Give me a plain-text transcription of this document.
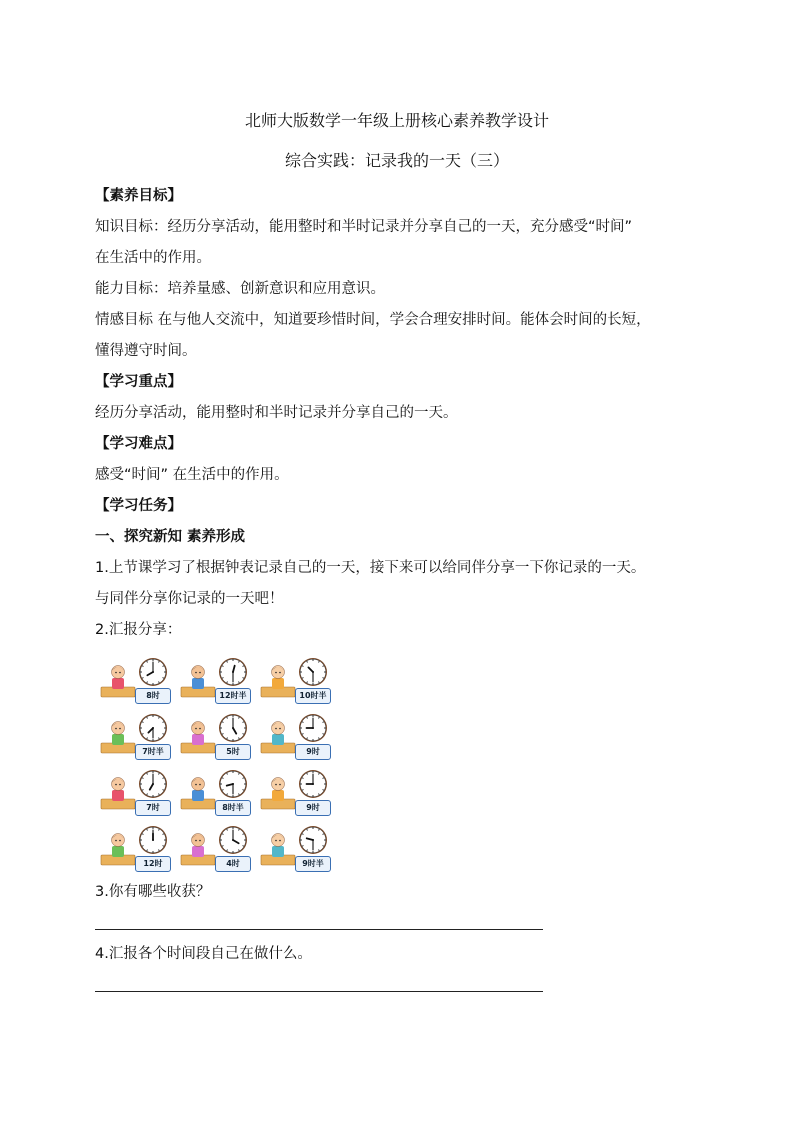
北师大版数学一年级上册核心素养教学设计
综合实践：记录我的一天（三）
【素养目标】
知识目标：经历分享活动，能用整时和半时记录并分享自己的一天，充分感受“时间”
在生活中的作用。
能力目标：培养量感、创新意识和应用意识。
情感目标 在与他人交流中，知道要珍惜时间，学会合理安排时间。能体会时间的长短，
懂得遵守时间。
【学习重点】
经历分享活动，能用整时和半时记录并分享自己的一天。
【学习难点】
感受“时间” 在生活中的作用。
【学习任务】
一、探究新知 素养形成
1.上节课学习了根据钟表记录自己的一天，接下来可以给同伴分享一下你记录的一天。
与同伴分享你记录的一天吧！
2.汇报分享：
8时	12时半	10时半
7时半	5时	9时
7时	8时半	9时
12时	4时	9时半
3.你有哪些收获？
4.汇报各个时间段自己在做什么。
